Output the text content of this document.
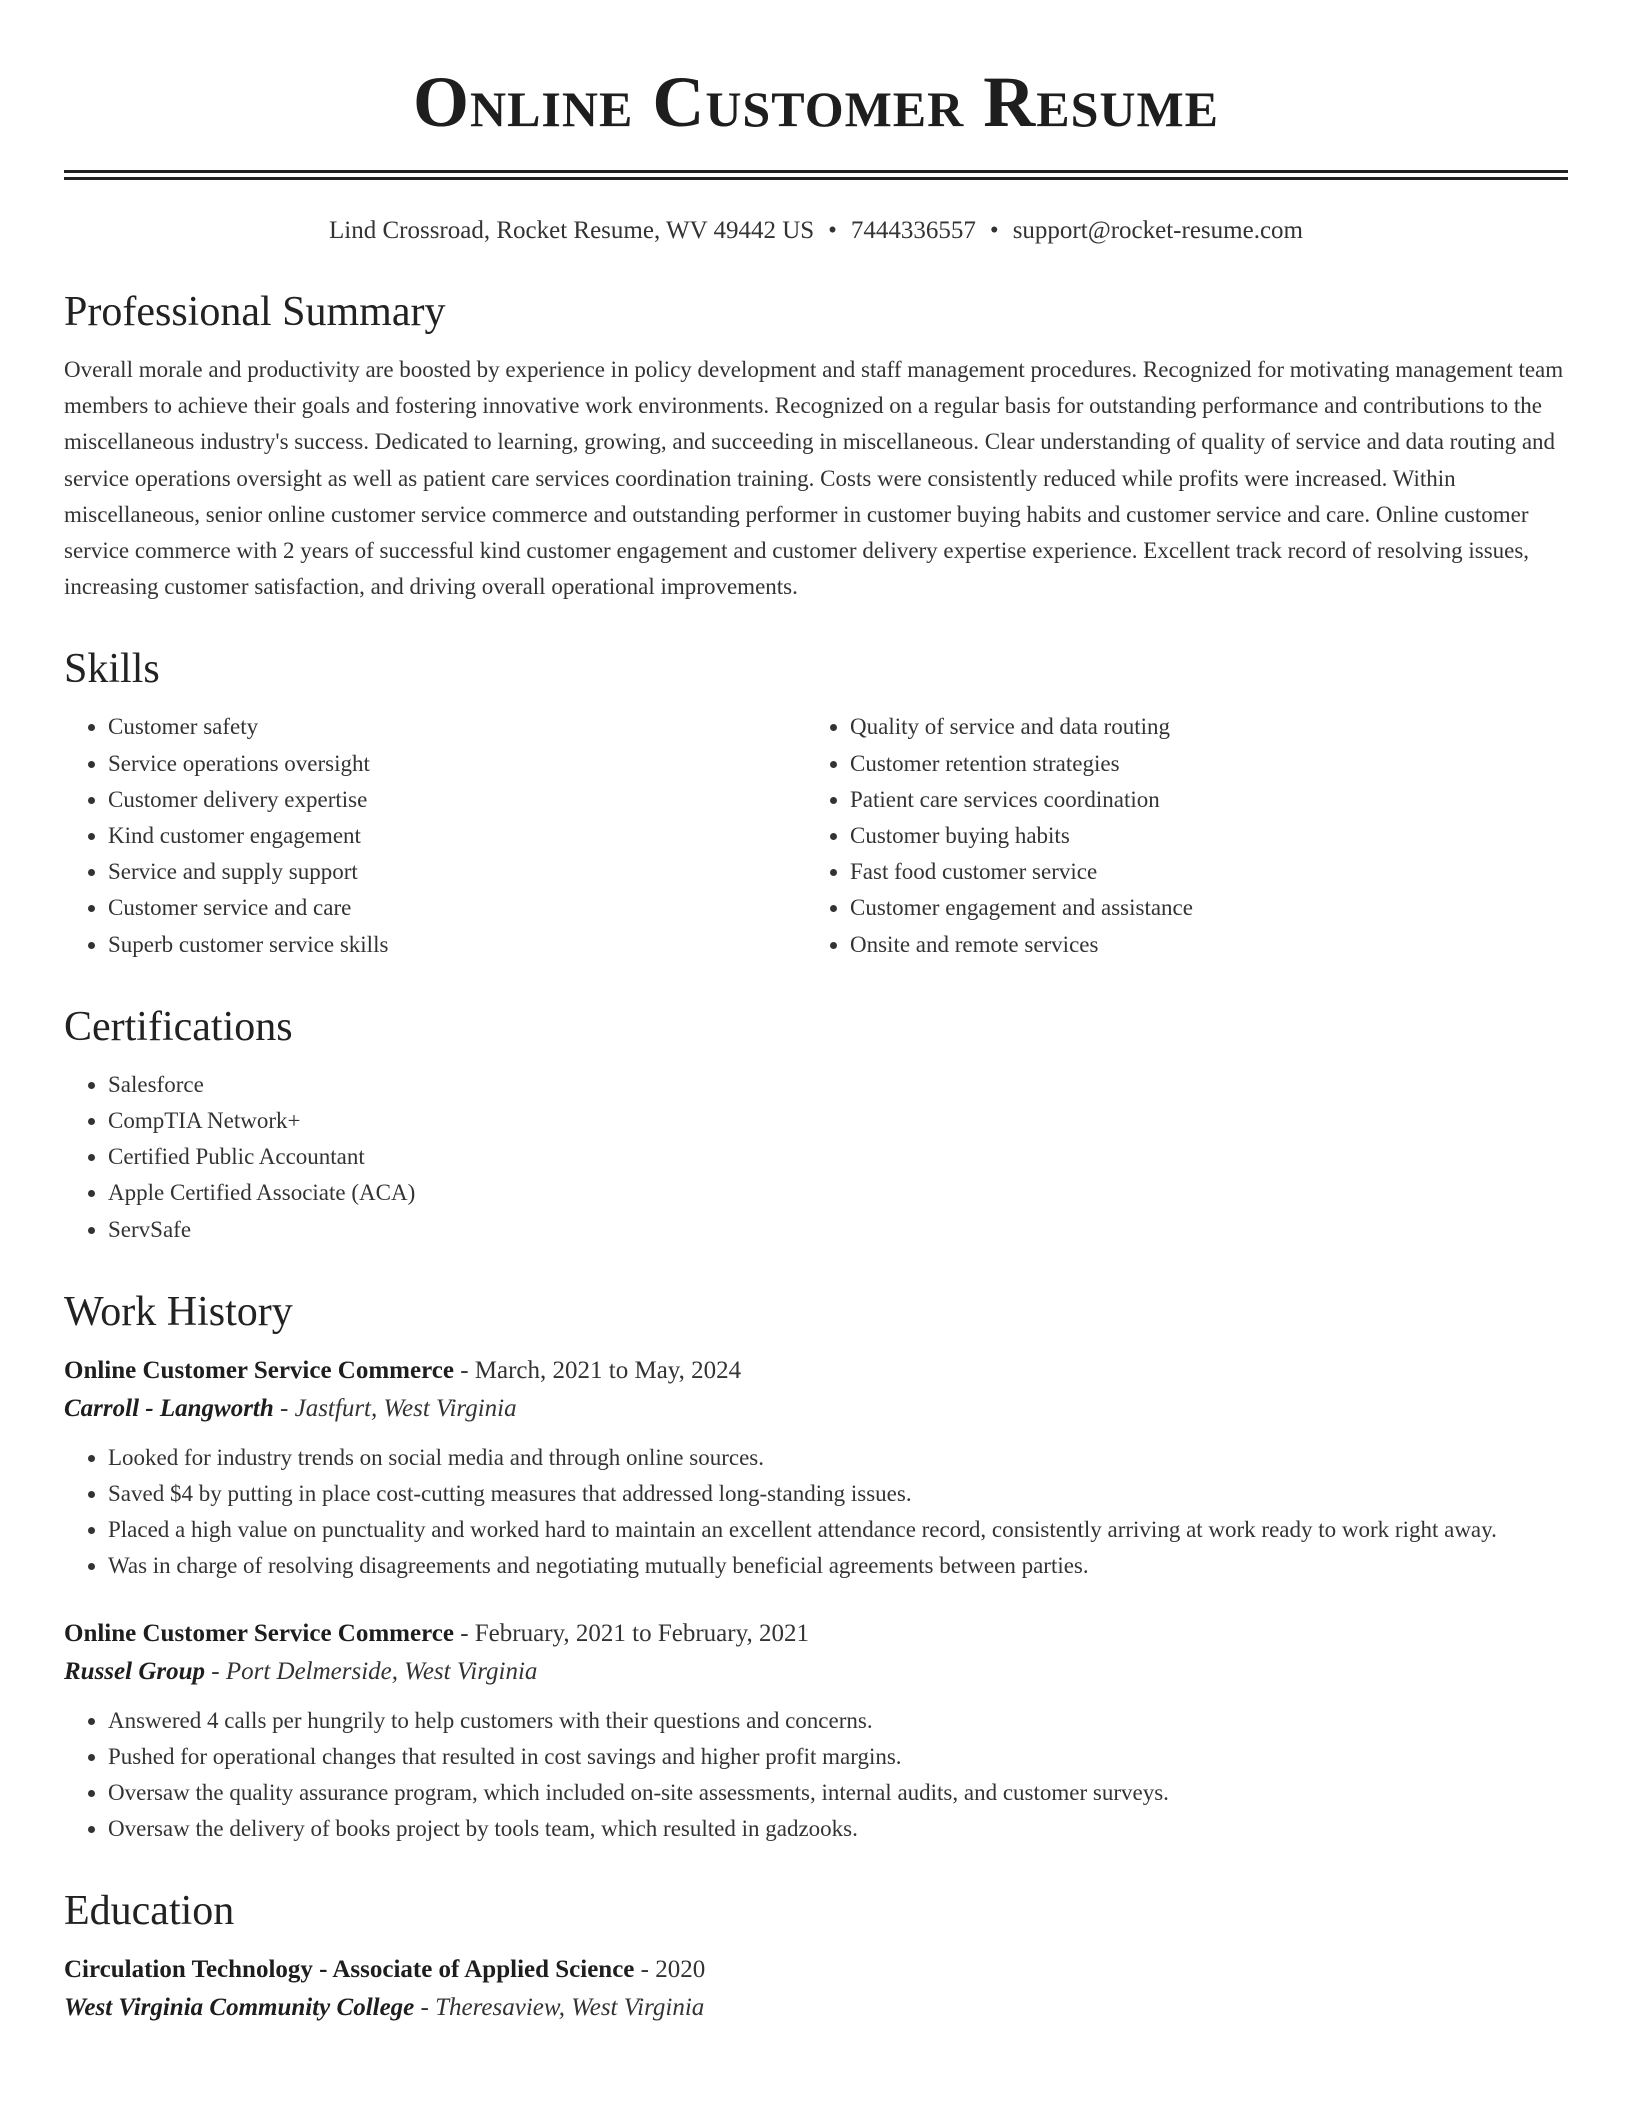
Online Customer Resume
Lind Crossroad, Rocket Resume, WV 49442 US • 7444336557 • support@rocket-resume.com
Professional Summary

Overall morale and productivity are boosted by experience in policy development and staff management procedures. Recognized for motivating management team members to achieve their goals and fostering innovative work environments. Recognized on a regular basis for outstanding performance and contributions to the miscellaneous industry's success. Dedicated to learning, growing, and succeeding in miscellaneous. Clear understanding of quality of service and data routing and service operations oversight as well as patient care services coordination training. Costs were consistently reduced while profits were increased. Within miscellaneous, senior online customer service commerce and outstanding performer in customer buying habits and customer service and care. Online customer service commerce with 2 years of successful kind customer engagement and customer delivery expertise experience. Excellent track record of resolving issues, increasing customer satisfaction, and driving overall operational improvements.

Skills
• Customer safety
• Service operations oversight
• Customer delivery expertise
• Kind customer engagement
• Service and supply support
• Customer service and care
• Superb customer service skills
• Quality of service and data routing
• Customer retention strategies
• Patient care services coordination
• Customer buying habits
• Fast food customer service
• Customer engagement and assistance
• Onsite and remote services
Certifications
• Salesforce
• CompTIA Network+
• Certified Public Accountant
• Apple Certified Associate (ACA)
• ServSafe
Work History

Online Customer Service Commerce - March, 2021 to May, 2024

Carroll - Langworth - Jastfurt, West Virginia

• Looked for industry trends on social media and through online sources.
• Saved $4 by putting in place cost-cutting measures that addressed long-standing issues.
• Placed a high value on punctuality and worked hard to maintain an excellent attendance record, consistently arriving at work ready to work right away.
• Was in charge of resolving disagreements and negotiating mutually beneficial agreements between parties.

Online Customer Service Commerce - February, 2021 to February, 2021

Russel Group - Port Delmerside, West Virginia

• Answered 4 calls per hungrily to help customers with their questions and concerns.
• Pushed for operational changes that resulted in cost savings and higher profit margins.
• Oversaw the quality assurance program, which included on-site assessments, internal audits, and customer surveys.
• Oversaw the delivery of books project by tools team, which resulted in gadzooks.
Education

Circulation Technology - Associate of Applied Science - 2020

West Virginia Community College - Theresaview, West Virginia
